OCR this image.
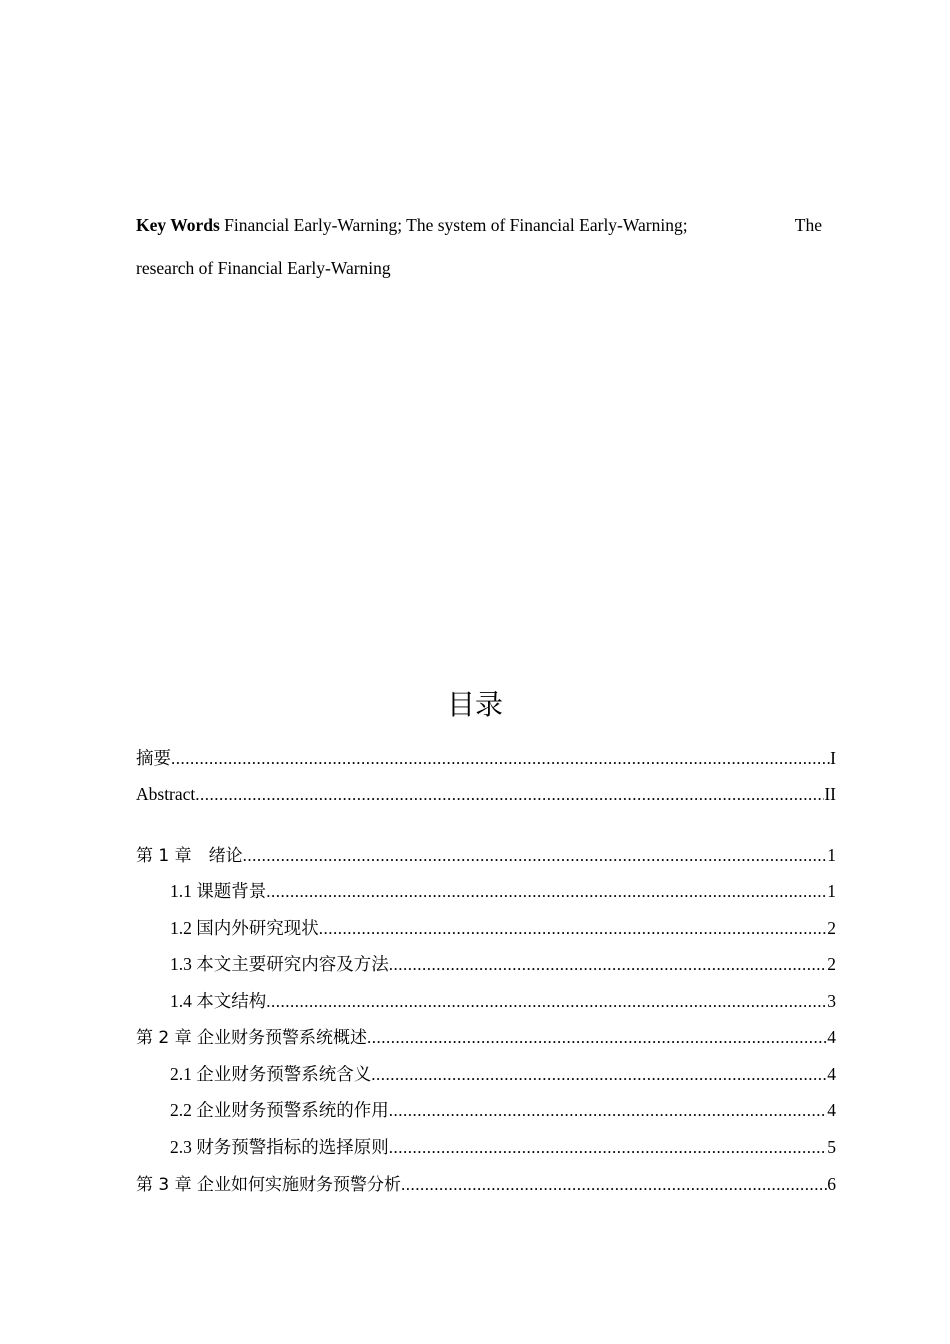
Key Words Financial Early-Warning; The system of Financial Early-Warning;	The
research of Financial Early-Warning
目录
摘要 .....	I
Abstract .....	II
第 1 章　绪论 .....	1
1.1 课题背景 .....	1
1.2 国内外研究现状 .....	2
1.3 本文主要研究内容及方法 .....	2
1.4 本文结构 .....	3
第 2 章 企业财务预警系统概述 .....	4
2.1 企业财务预警系统含义 .....	4
2.2 企业财务预警系统的作用 .....	4
2.3 财务预警指标的选择原则 .....	5
第 3 章 企业如何实施财务预警分析 .....	6
